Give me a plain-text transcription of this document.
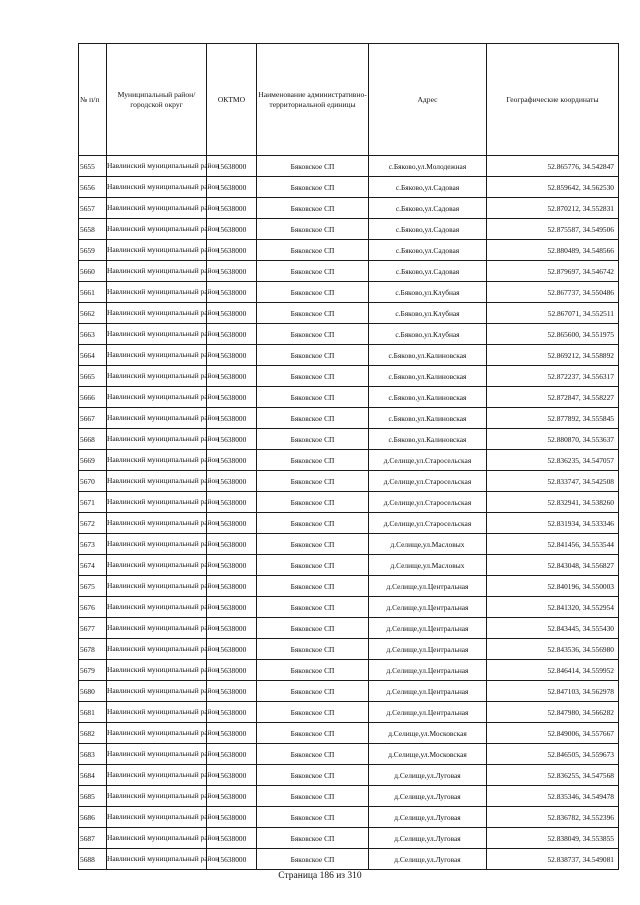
№ п/п	Муниципальный район/городской округ	ОКТМО	Наименование административно-территориальной единицы	Адрес	Географические координаты
5655	Навлинский муниципальный район	15638000	Бяковское СП	с.Бяково,ул.Молодежная	52.865776, 34.542847
5656	Навлинский муниципальный район	15638000	Бяковское СП	с.Бяково,ул.Садовая	52.859642, 34.562530
5657	Навлинский муниципальный район	15638000	Бяковское СП	с.Бяково,ул.Садовая	52.870212, 34.552831
5658	Навлинский муниципальный район	15638000	Бяковское СП	с.Бяково,ул.Садовая	52.875587, 34.549506
5659	Навлинский муниципальный район	15638000	Бяковское СП	с.Бяково,ул.Садовая	52.880489, 34.548566
5660	Навлинский муниципальный район	15638000	Бяковское СП	с.Бяково,ул.Садовая	52.879697, 34.546742
5661	Навлинский муниципальный район	15638000	Бяковское СП	с.Бяково,ул.Клубная	52.867737, 34.550486
5662	Навлинский муниципальный район	15638000	Бяковское СП	с.Бяково,ул.Клубная	52.867071, 34.552511
5663	Навлинский муниципальный район	15638000	Бяковское СП	с.Бяково,ул.Клубная	52.865600, 34.551975
5664	Навлинский муниципальный район	15638000	Бяковское СП	с.Бяково,ул.Калиновская	52.869212, 34.558892
5665	Навлинский муниципальный район	15638000	Бяковское СП	с.Бяково,ул.Калиновская	52.872237, 34.556317
5666	Навлинский муниципальный район	15638000	Бяковское СП	с.Бяково,ул.Калиновская	52.872847, 34.558227
5667	Навлинский муниципальный район	15638000	Бяковское СП	с.Бяково,ул.Калиновская	52.877892, 34.555845
5668	Навлинский муниципальный район	15638000	Бяковское СП	с.Бяково,ул.Калиновская	52.880870, 34.553637
5669	Навлинский муниципальный район	15638000	Бяковское СП	д.Селище,ул.Старосельская	52.836235, 34.547057
5670	Навлинский муниципальный район	15638000	Бяковское СП	д.Селище,ул.Старосельская	52.833747, 34.542508
5671	Навлинский муниципальный район	15638000	Бяковское СП	д.Селище,ул.Старосельская	52.832941, 34.538260
5672	Навлинский муниципальный район	15638000	Бяковское СП	д.Селище,ул.Старосельская	52.831934, 34.533346
5673	Навлинский муниципальный район	15638000	Бяковское СП	д.Селище,ул.Масловых	52.841456, 34.553544
5674	Навлинский муниципальный район	15638000	Бяковское СП	д.Селище,ул.Масловых	52.843048, 34.556827
5675	Навлинский муниципальный район	15638000	Бяковское СП	д.Селище,ул.Центральная	52.840196, 34.550003
5676	Навлинский муниципальный район	15638000	Бяковское СП	д.Селище,ул.Центральная	52.841320, 34.552954
5677	Навлинский муниципальный район	15638000	Бяковское СП	д.Селище,ул.Центральная	52.843445, 34.555430
5678	Навлинский муниципальный район	15638000	Бяковское СП	д.Селище,ул.Центральная	52.843536, 34.556980
5679	Навлинский муниципальный район	15638000	Бяковское СП	д.Селище,ул.Центральная	52.846414, 34.559952
5680	Навлинский муниципальный район	15638000	Бяковское СП	д.Селище,ул.Центральная	52.847103, 34.562978
5681	Навлинский муниципальный район	15638000	Бяковское СП	д.Селище,ул.Центральная	52.847980, 34.566282
5682	Навлинский муниципальный район	15638000	Бяковское СП	д.Селище,ул.Московская	52.849006, 34.557667
5683	Навлинский муниципальный район	15638000	Бяковское СП	д.Селище,ул.Московская	52.846505, 34.559673
5684	Навлинский муниципальный район	15638000	Бяковское СП	д.Селище,ул.Луговая	52.836255, 34.547568
5685	Навлинский муниципальный район	15638000	Бяковское СП	д.Селище,ул.Луговая	52.835346, 34.549478
5686	Навлинский муниципальный район	15638000	Бяковское СП	д.Селище,ул.Луговая	52.836782, 34.552396
5687	Навлинский муниципальный район	15638000	Бяковское СП	д.Селище,ул.Луговая	52.838049, 34.553855
5688	Навлинский муниципальный район	15638000	Бяковское СП	д.Селище,ул.Луговая	52.838737, 34.549081
Страница 186 из 310
